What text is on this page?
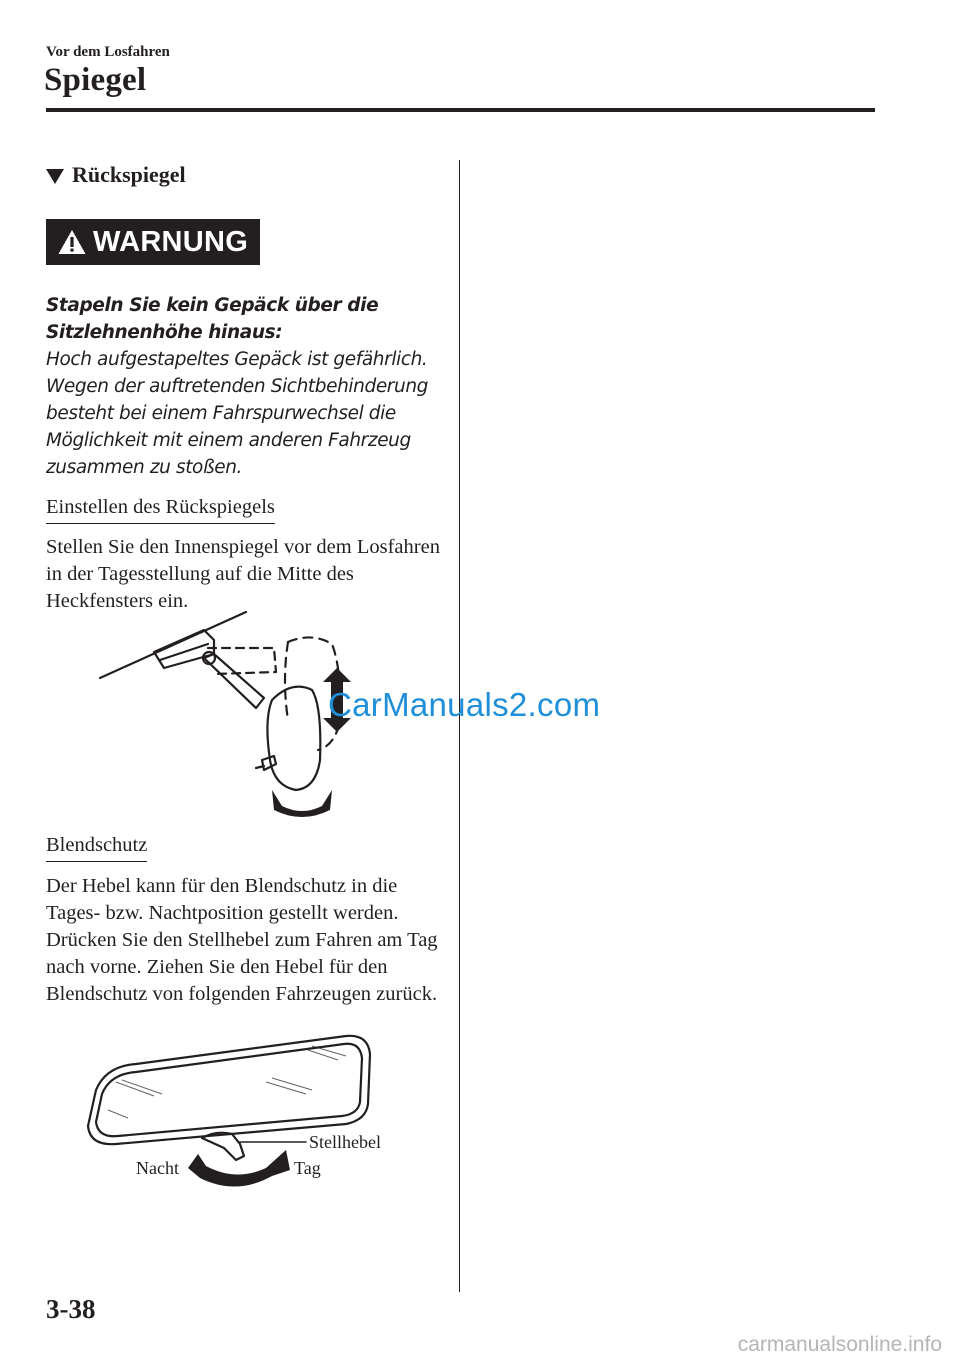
Vor dem Losfahren
Spiegel
Rückspiegel
WARNUNG
Stapeln Sie kein Gepäck über die Sitzlehnenhöhe hinaus:
Hoch aufgestapeltes Gepäck ist gefährlich. Wegen der auftretenden Sichtbehinderung besteht bei einem Fahrspurwechsel die Möglichkeit mit einem anderen Fahrzeug zusammen zu stoßen.
Einstellen des Rückspiegels
Stellen Sie den Innenspiegel vor dem Losfahren in der Tagesstellung auf die Mitte des Heckfensters ein.
Blendschutz
Der Hebel kann für den Blendschutz in die Tages- bzw. Nachtposition gestellt werden. Drücken Sie den Stellhebel zum Fahren am Tag nach vorne. Ziehen Sie den Hebel für den Blendschutz von folgenden Fahrzeugen zurück.
Stellhebel
Nacht	Tag
CarManuals2.com
3-38
carmanualsonline.info
